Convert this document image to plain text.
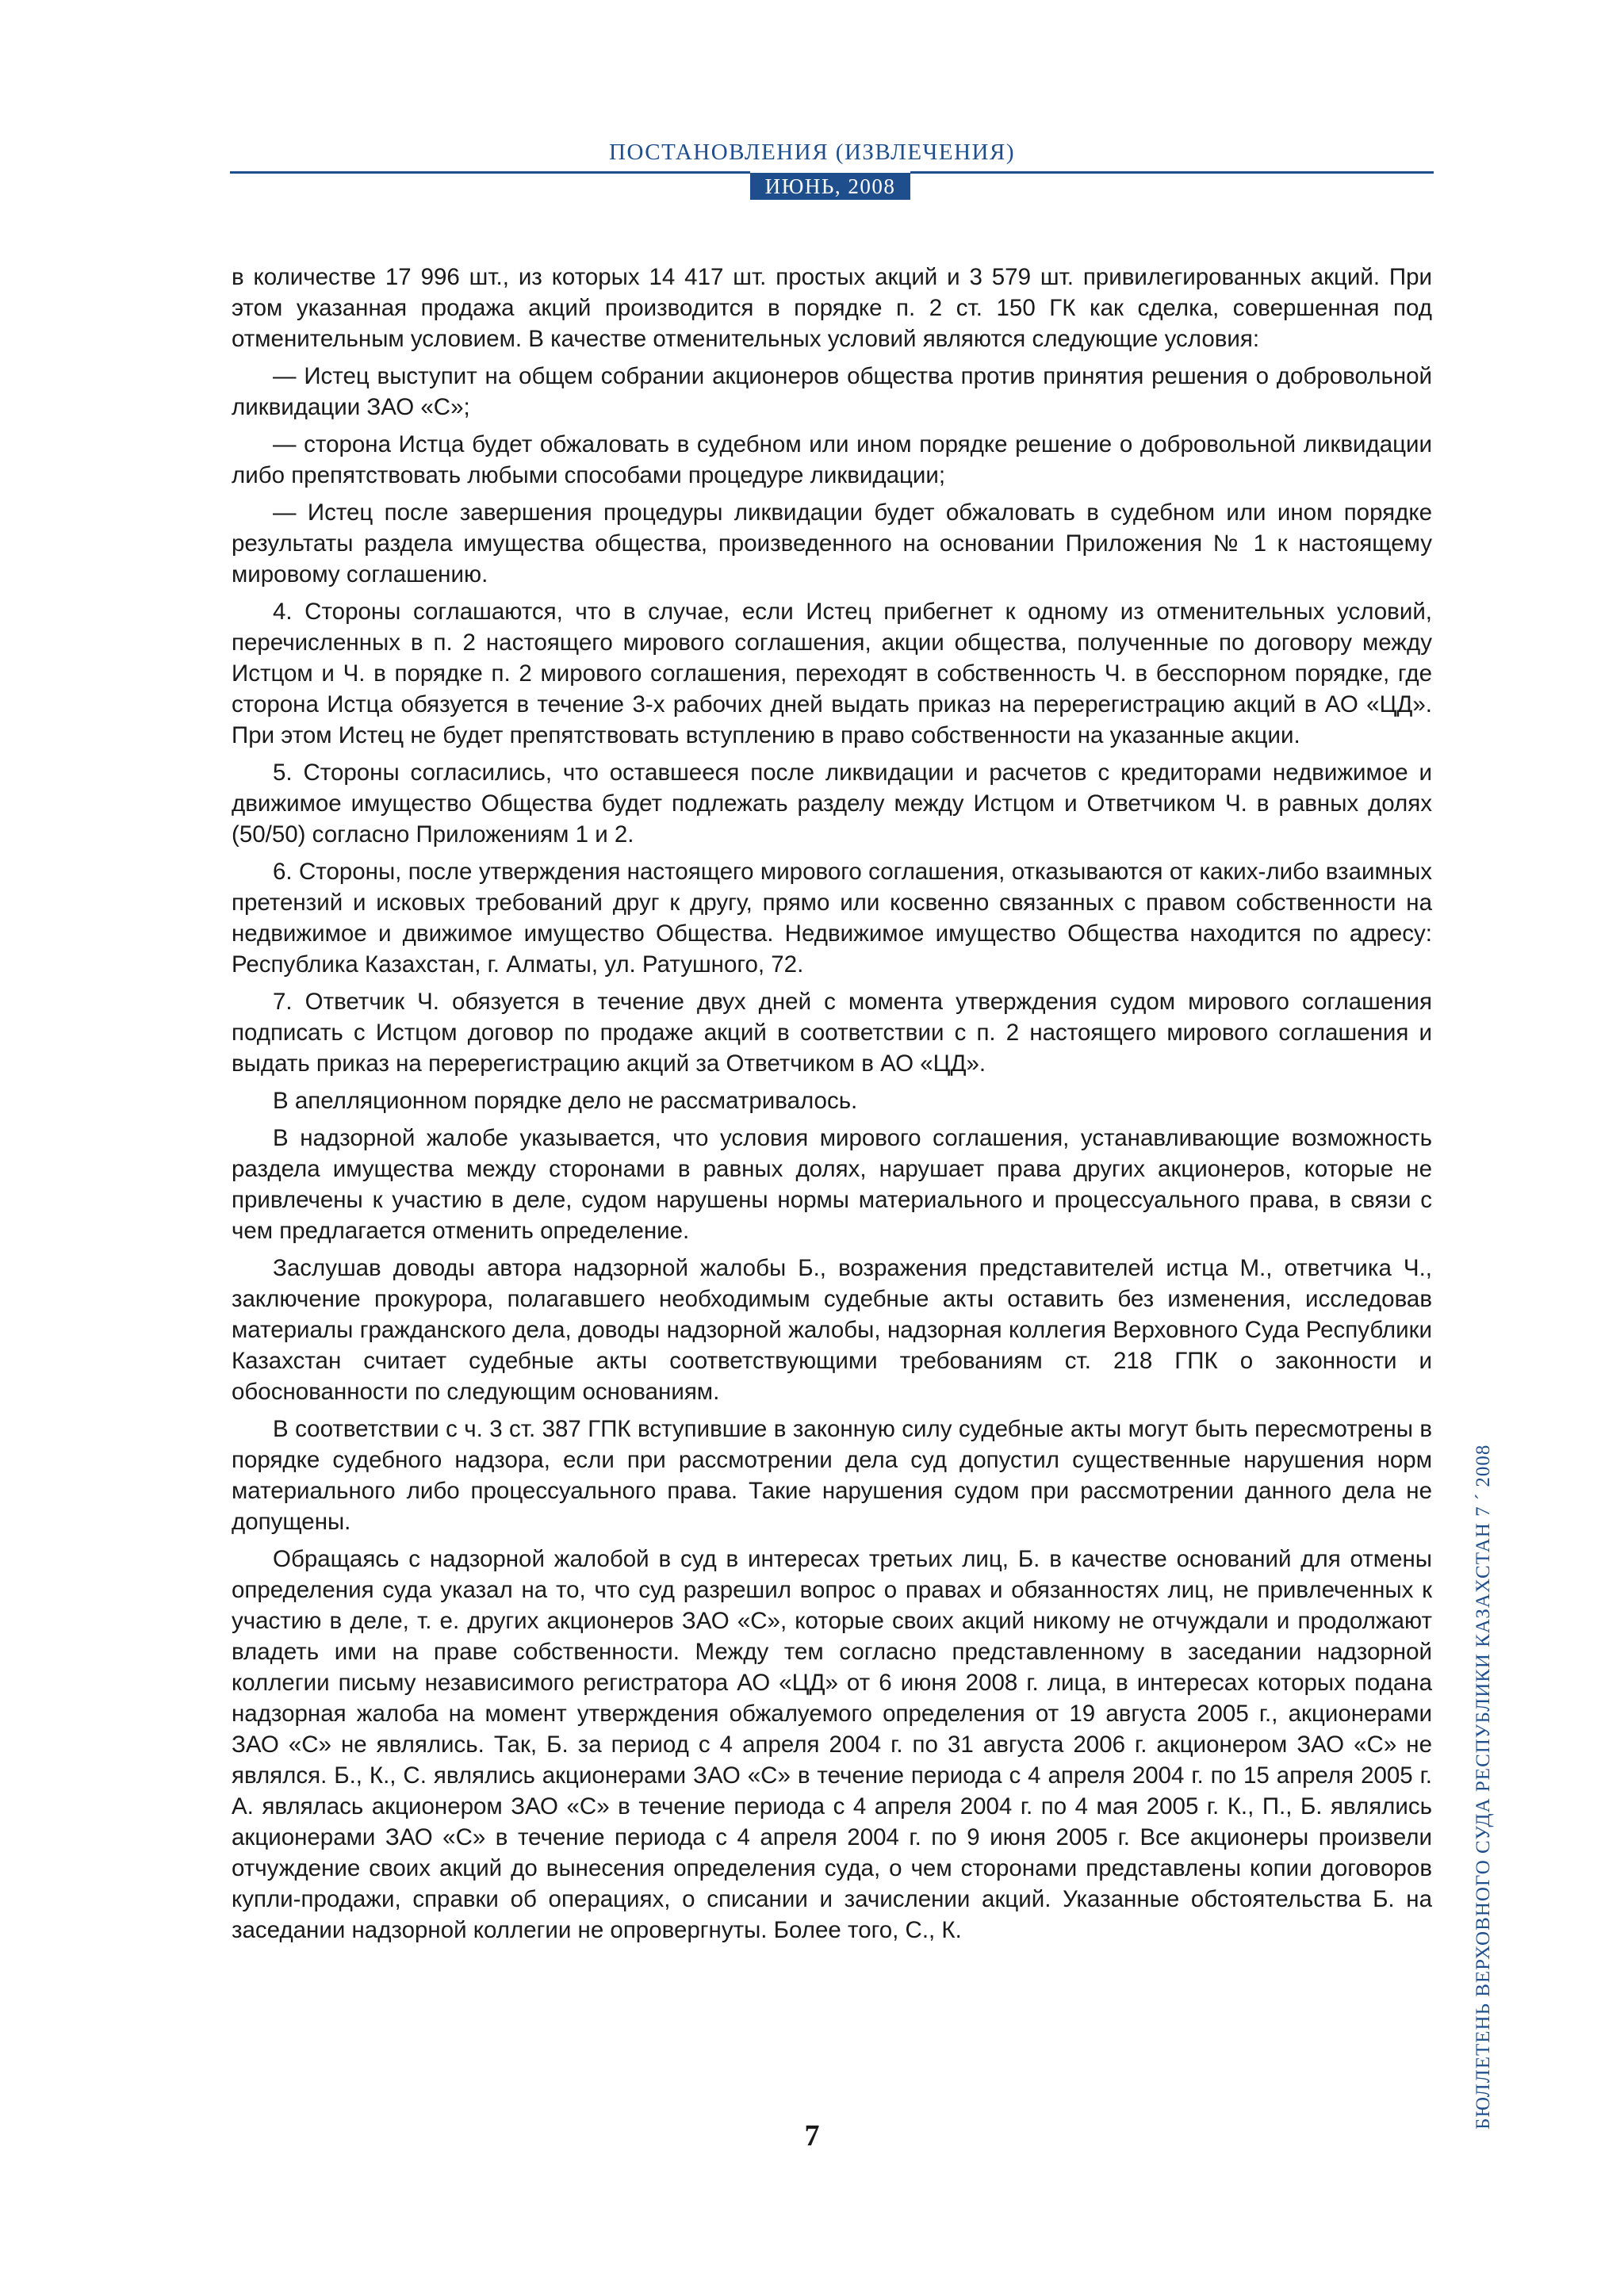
ПОСТАНОВЛЕНИЯ (ИЗВЛЕЧЕНИЯ)
ИЮНЬ, 2008

в количестве 17 996 шт., из которых 14 417 шт. простых акций и 3 579 шт. привилегированных акций. При этом указанная продажа акций производится в порядке п. 2 ст. 150 ГК как сделка, совершенная под отменительным условием. В качестве отменительных условий являются следующие условия:

— Истец выступит на общем собрании акционеров общества против принятия решения о добровольной ликвидации ЗАО «С»;

— сторона Истца будет обжаловать в судебном или ином порядке решение о добровольной ликвидации либо препятствовать любыми способами процедуре ликвидации;

— Истец после завершения процедуры ликвидации будет обжаловать в судебном или ином порядке результаты раздела имущества общества, произведенного на основании Приложения № 1 к настоящему мировому соглашению.

4. Стороны соглашаются, что в случае, если Истец прибегнет к одному из отменительных условий, перечисленных в п. 2 настоящего мирового соглашения, акции общества, полученные по договору между Истцом и Ч. в порядке п. 2 мирового соглашения, переходят в собственность Ч. в бесспорном порядке, где сторона Истца обязуется в течение 3-х рабочих дней выдать приказ на перерегистрацию акций в АО «ЦД». При этом Истец не будет препятствовать вступлению в право собственности на указанные акции.

5. Стороны согласились, что оставшееся после ликвидации и расчетов с кредиторами недвижимое и движимое имущество Общества будет подлежать разделу между Истцом и Ответчиком Ч. в равных долях (50/50) согласно Приложениям 1 и 2.

6. Стороны, после утверждения настоящего мирового соглашения, отказываются от каких-либо взаимных претензий и исковых требований друг к другу, прямо или косвенно связанных с правом собственности на недвижимое и движимое имущество Общества. Недвижимое имущество Общества находится по адресу: Республика Казахстан, г. Алматы, ул. Ратушного, 72.

7. Ответчик Ч. обязуется в течение двух дней с момента утверждения судом мирового соглашения подписать с Истцом договор по продаже акций в соответствии с п. 2 настоящего мирового соглашения и выдать приказ на перерегистрацию акций за Ответчиком в АО «ЦД».

В апелляционном порядке дело не рассматривалось.

В надзорной жалобе указывается, что условия мирового соглашения, устанавливающие возможность раздела имущества между сторонами в равных долях, нарушает права других акционеров, которые не привлечены к участию в деле, судом нарушены нормы материального и процессуального права, в связи с чем предлагается отменить определение.

Заслушав доводы автора надзорной жалобы Б., возражения представителей истца М., ответчика Ч., заключение прокурора, полагавшего необходимым судебные акты оставить без изменения, исследовав материалы гражданского дела, доводы надзорной жалобы, надзорная коллегия Верховного Суда Республики Казахстан считает судебные акты соответствующими требованиям ст. 218 ГПК о законности и обоснованности по следующим основаниям.

В соответствии с ч. 3 ст. 387 ГПК вступившие в законную силу судебные акты могут быть пересмотрены в порядке судебного надзора, если при рассмотрении дела суд допустил существенные нарушения норм материального либо процессуального права. Такие нарушения судом при рассмотрении данного дела не допущены.

Обращаясь с надзорной жалобой в суд в интересах третьих лиц, Б. в качестве оснований для отмены определения суда указал на то, что суд разрешил вопрос о правах и обязанностях лиц, не привлеченных к участию в деле, т. е. других акционеров ЗАО «С», которые своих акций никому не отчуждали и продолжают владеть ими на праве собственности. Между тем согласно представленному в заседании надзорной коллегии письму независимого регистратора АО «ЦД» от 6 июня 2008 г. лица, в интересах которых подана надзорная жалоба на момент утверждения обжалуемого определения от 19 августа 2005 г., акционерами ЗАО «С» не являлись. Так, Б. за период с 4 апреля 2004 г. по 31 августа 2006 г. акционером ЗАО «С» не являлся. Б., К., С. являлись акционерами ЗАО «С» в течение периода с 4 апреля 2004 г. по 15 апреля 2005 г. А. являлась акционером ЗАО «С» в течение периода с 4 апреля 2004 г. по 4 мая 2005 г. К., П., Б. являлись акционерами ЗАО «С» в течение периода с 4 апреля 2004 г. по 9 июня 2005 г. Все акционеры произвели отчуждение своих акций до вынесения определения суда, о чем сторонами представлены копии договоров купли-продажи, справки об операциях, о списании и зачислении акций. Указанные обстоятельства Б. на заседании надзорной коллегии не опровергнуты. Более того, С., К.	БЮЛЛЕТЕНЬ ВЕРХОВНОГО СУДА РЕСПУБЛИКИ КАЗАХСТАН 7 ´ 2008
7
